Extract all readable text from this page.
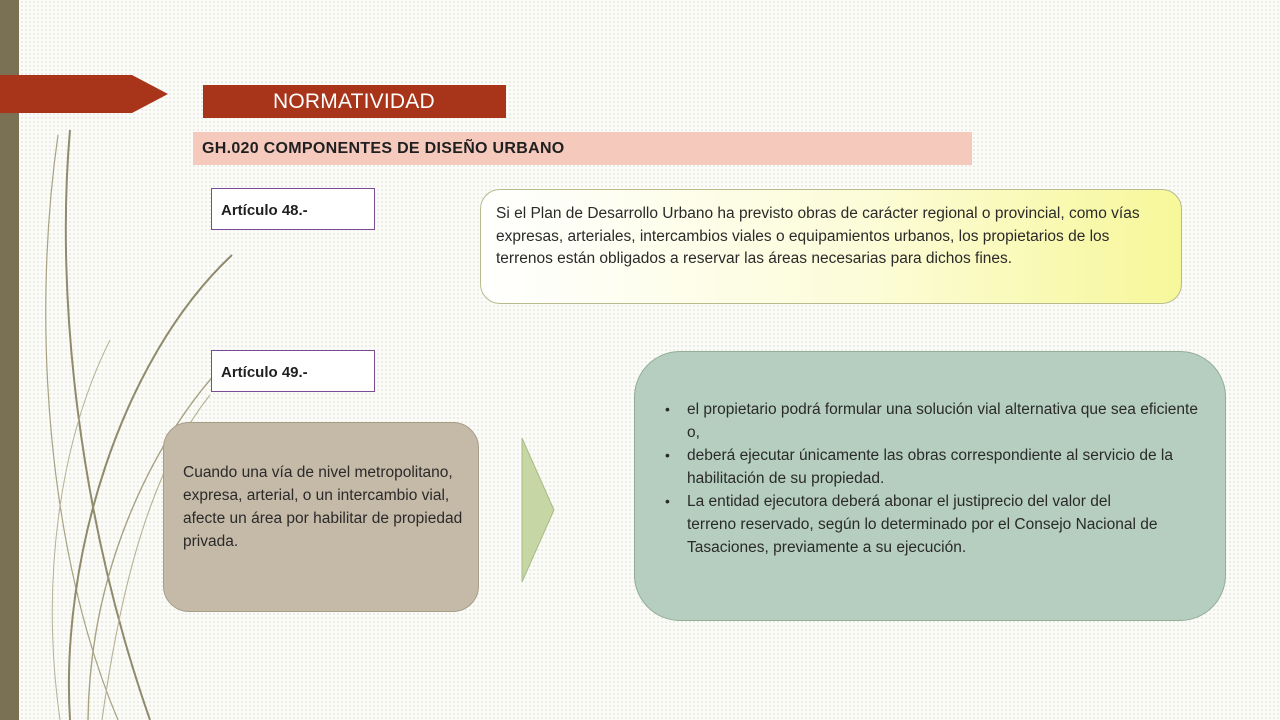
NORMATIVIDAD
GH.020 COMPONENTES DE DISEÑO URBANO
Artículo 48.-	Si el Plan de Desarrollo Urbano ha previsto obras de carácter regional o provincial, como vías expresas, arteriales, intercambios viales o equipamientos urbanos, los propietarios de los terrenos están obligados a reservar las áreas necesarias para dichos fines.
Artículo 49.-
Cuando una vía de nivel metropolitano, expresa, arterial, o un intercambio vial, afecte un área por habilitar de propiedad privada.
• el propietario podrá formular una solución vial alternativa que sea eficiente o,
• deberá ejecutar únicamente las obras correspondiente al servicio de la habilitación de su propiedad.
• La entidad ejecutora deberá abonar el justiprecio del valor del
terreno reservado, según lo determinado por el Consejo Nacional de Tasaciones, previamente a su ejecución.
